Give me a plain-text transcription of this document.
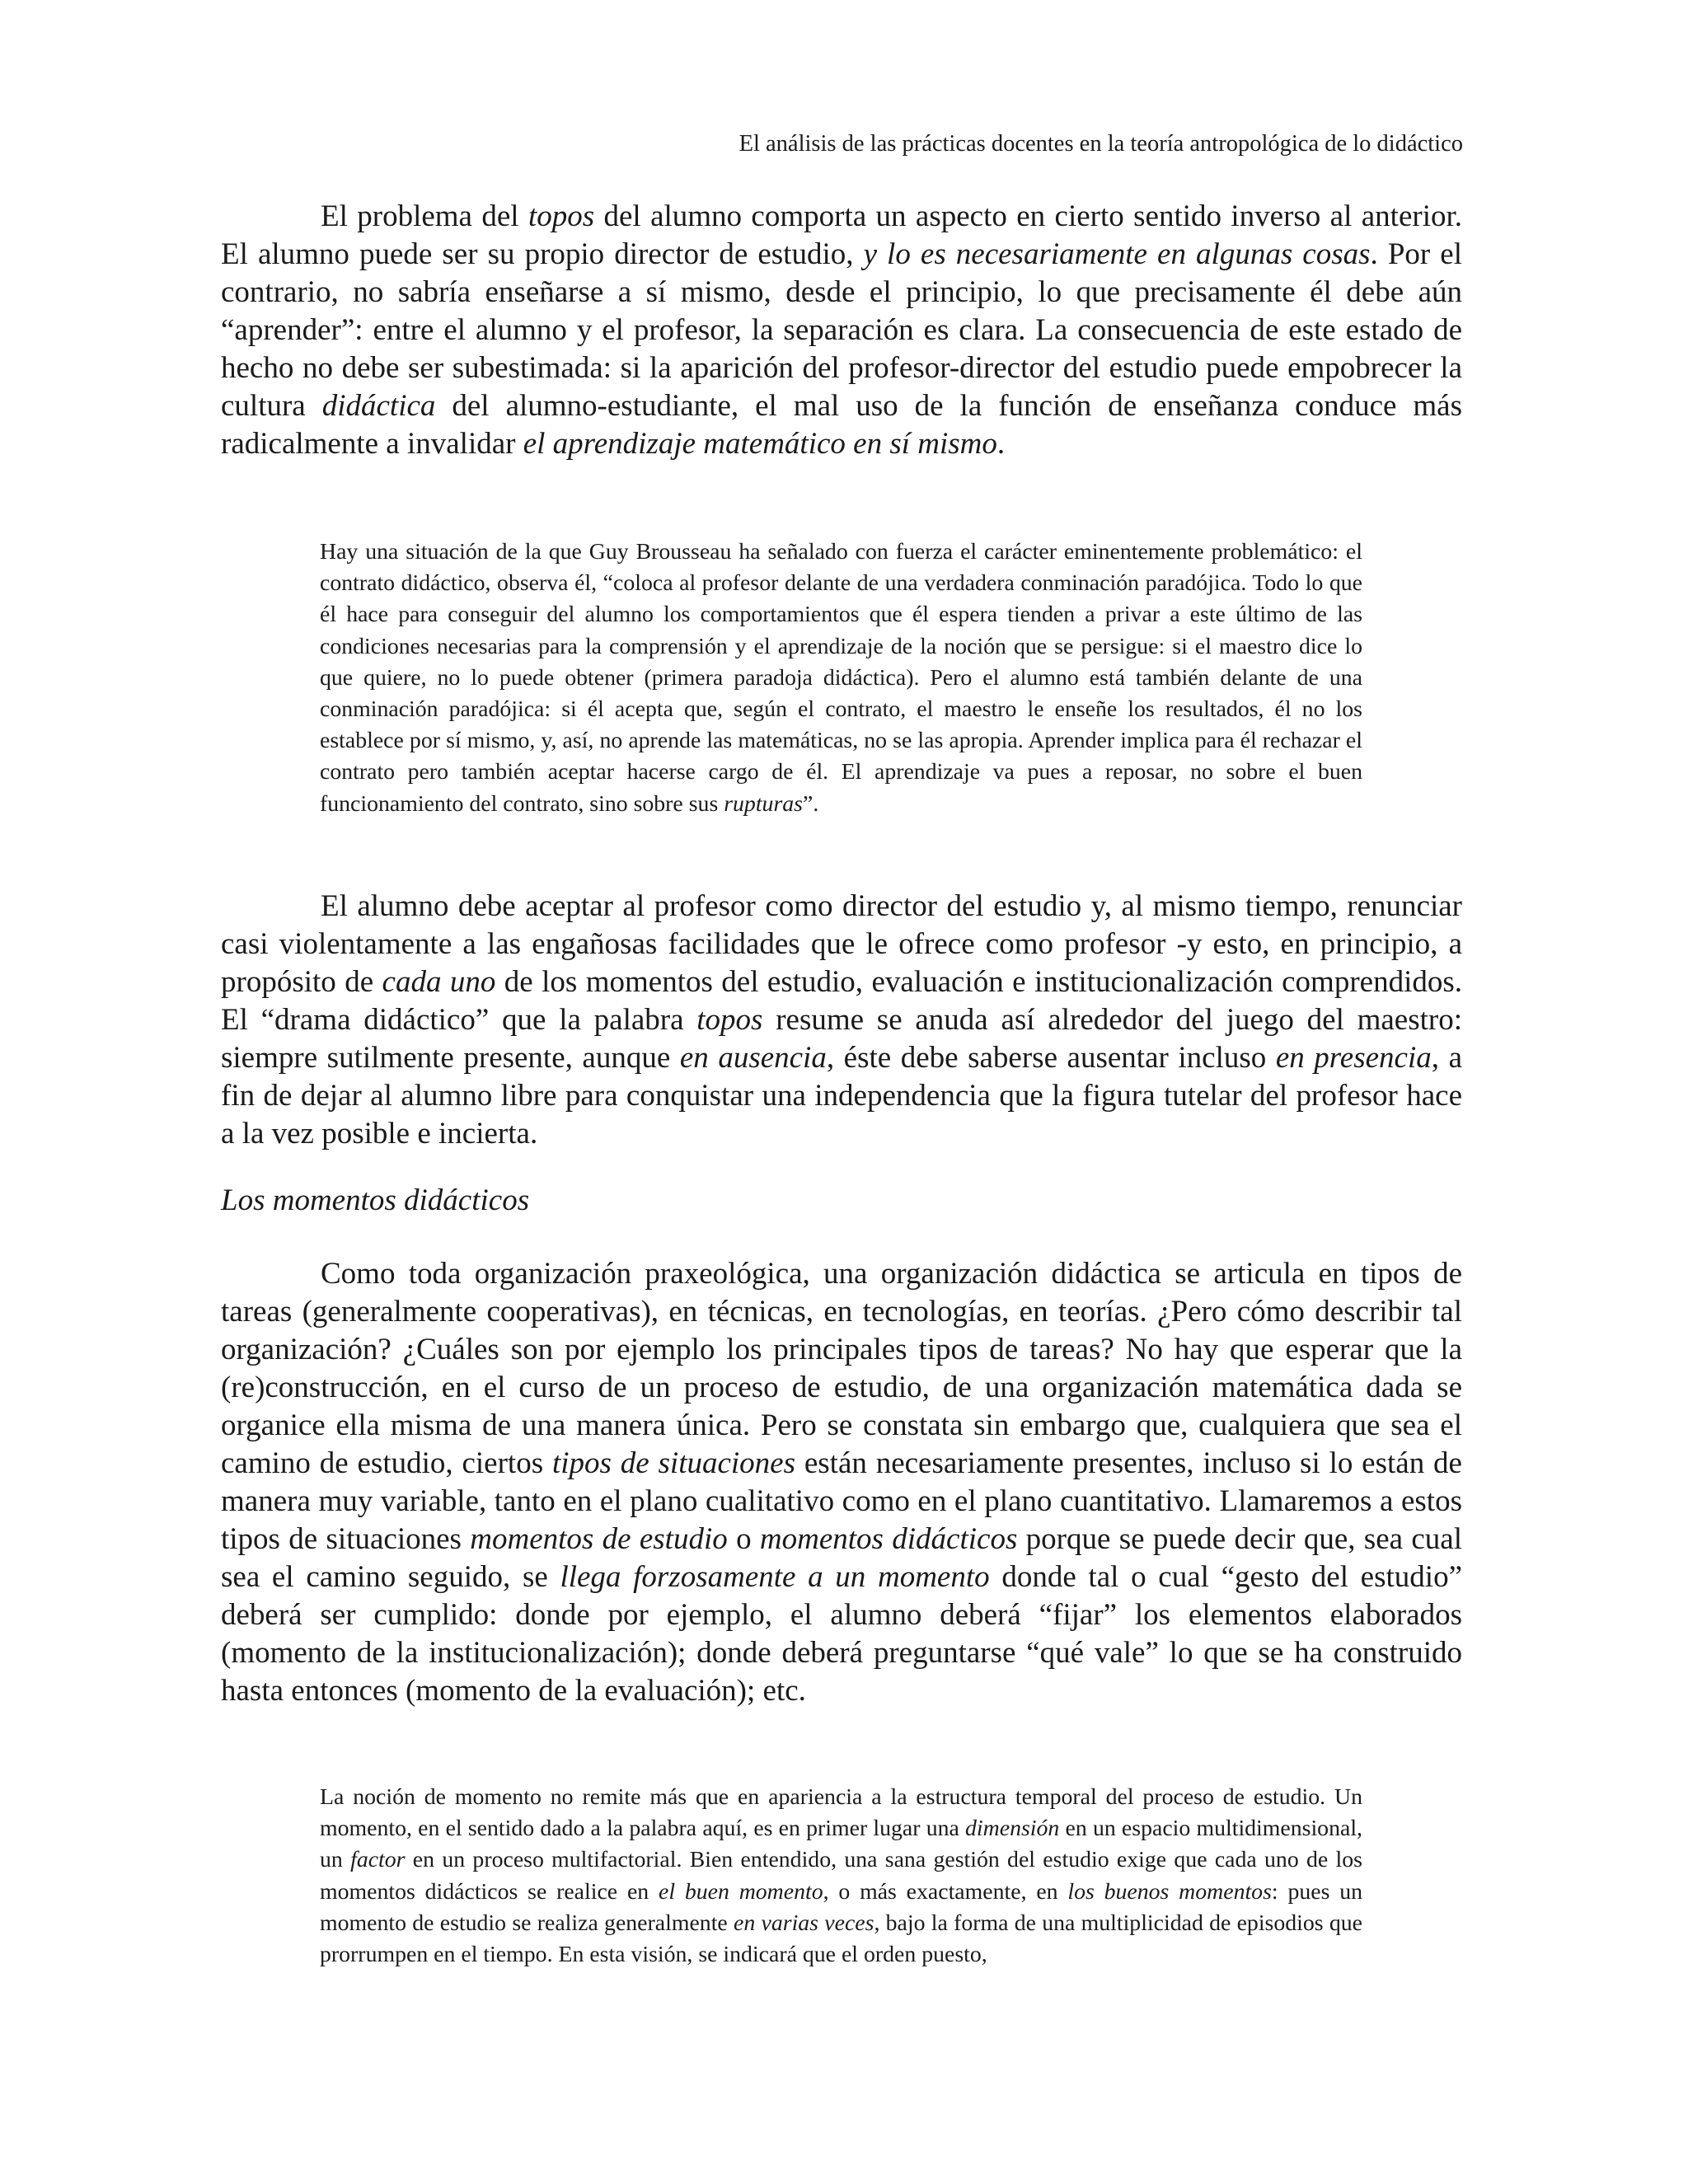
El análisis de las prácticas docentes en la teoría antropológica de lo didáctico

El problema del topos del alumno comporta un aspecto en cierto sentido inverso al anterior. El alumno puede ser su propio director de estudio, y lo es necesariamente en algunas cosas. Por el contrario, no sabría enseñarse a sí mismo, desde el principio, lo que precisamente él debe aún “aprender”: entre el alumno y el profesor, la separación es clara. La consecuencia de este estado de hecho no debe ser subestimada: si la aparición del profesor-director del estudio puede empobrecer la cultura didáctica del alumno-estudiante, el mal uso de la función de enseñanza conduce más radicalmente a invalidar el aprendizaje matemático en sí mismo.

Hay una situación de la que Guy Brousseau ha señalado con fuerza el carácter eminentemente problemático: el contrato didáctico, observa él, “coloca al profesor delante de una verdadera conminación paradójica. Todo lo que él hace para conseguir del alumno los comportamientos que él espera tienden a privar a este último de las condiciones necesarias para la comprensión y el aprendizaje de la noción que se persigue: si el maestro dice lo que quiere, no lo puede obtener (primera paradoja didáctica). Pero el alumno está también delante de una conminación paradójica: si él acepta que, según el contrato, el maestro le enseñe los resultados, él no los establece por sí mismo, y, así, no aprende las matemáticas, no se las apropia. Aprender implica para él rechazar el contrato pero también aceptar hacerse cargo de él. El aprendizaje va pues a reposar, no sobre el buen funcionamiento del contrato, sino sobre sus rupturas”.

El alumno debe aceptar al profesor como director del estudio y, al mismo tiempo, renunciar casi violentamente a las engañosas facilidades que le ofrece como profesor -y esto, en principio, a propósito de cada uno de los momentos del estudio, evaluación e institucionalización comprendidos. El “drama didáctico” que la palabra topos resume se anuda así alrededor del juego del maestro: siempre sutilmente presente, aunque en ausencia, éste debe saberse ausentar incluso en presencia, a fin de dejar al alumno libre para conquistar una independencia que la figura tutelar del profesor hace a la vez posible e incierta.

Los momentos didácticos

Como toda organización praxeológica, una organización didáctica se articula en tipos de tareas (generalmente cooperativas), en técnicas, en tecnologías, en teorías. ¿Pero cómo describir tal organización? ¿Cuáles son por ejemplo los principales tipos de tareas? No hay que esperar que la (re)construcción, en el curso de un proceso de estudio, de una organización matemática dada se organice ella misma de una manera única. Pero se constata sin embargo que, cualquiera que sea el camino de estudio, ciertos tipos de situaciones están necesariamente presentes, incluso si lo están de manera muy variable, tanto en el plano cualitativo como en el plano cuantitativo. Llamaremos a estos tipos de situaciones momentos de estudio o momentos didácticos porque se puede decir que, sea cual sea el camino seguido, se llega forzosamente a un momento donde tal o cual “gesto del estudio” deberá ser cumplido: donde por ejemplo, el alumno deberá “fijar” los elementos elaborados (momento de la institucionalización); donde deberá preguntarse “qué vale” lo que se ha construido hasta entonces (momento de la evaluación); etc.

La noción de momento no remite más que en apariencia a la estructura temporal del proceso de estudio. Un momento, en el sentido dado a la palabra aquí, es en primer lugar una dimensión en un espacio multidimensional, un factor en un proceso multifactorial. Bien entendido, una sana gestión del estudio exige que cada uno de los momentos didácticos se realice en el buen momento, o más exactamente, en los buenos momentos: pues un momento de estudio se realiza generalmente en varias veces, bajo la forma de una multiplicidad de episodios que prorrumpen en el tiempo. En esta visión, se indicará que el orden puesto,
